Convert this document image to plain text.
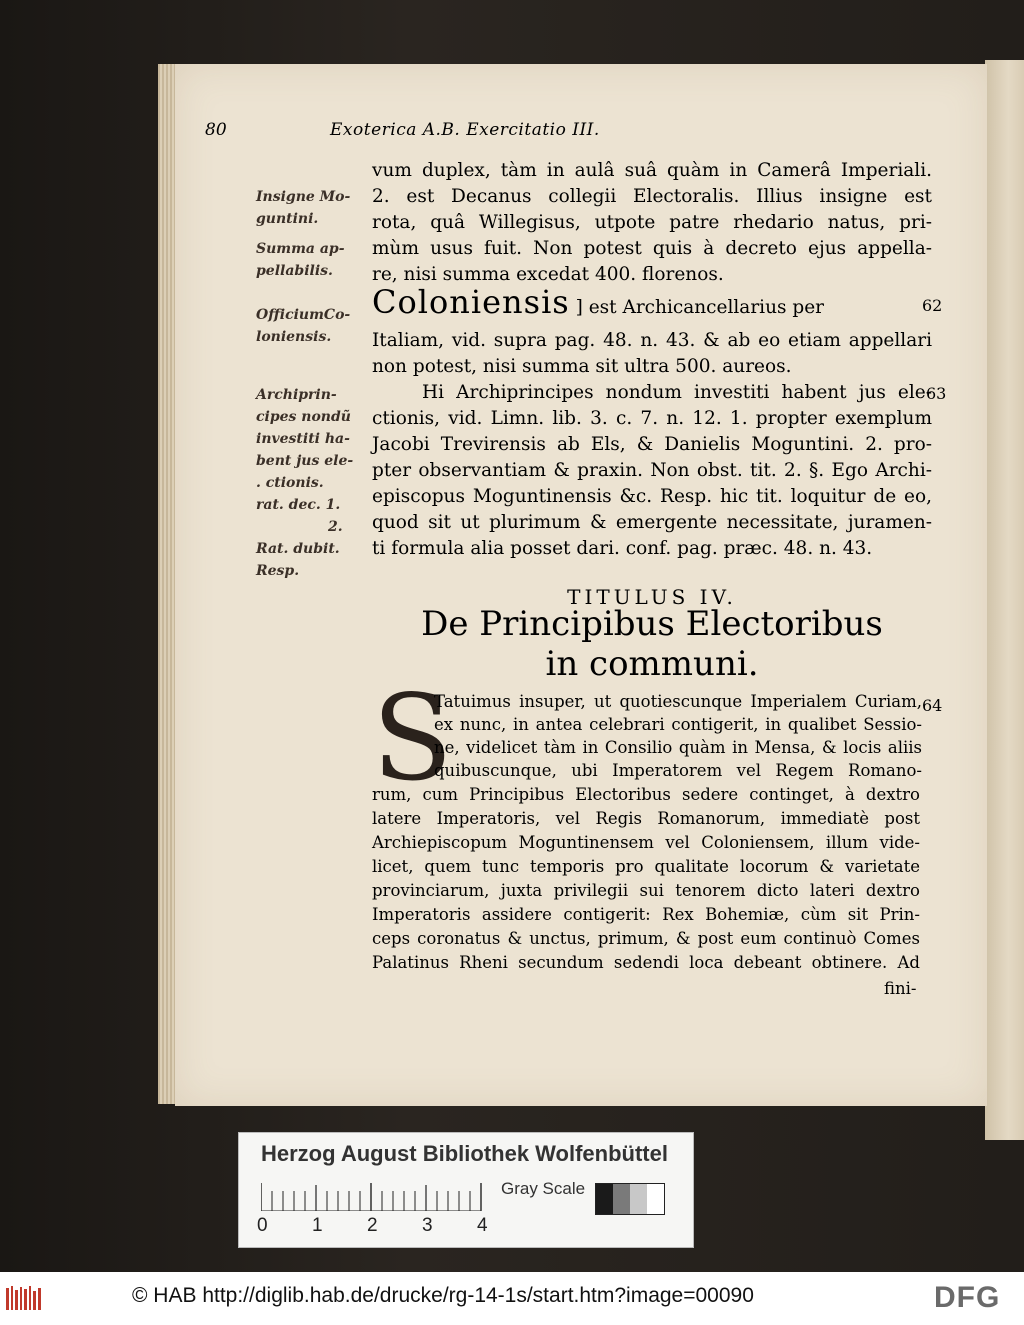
80	Exoterica A.B. Exercitatio III.
Insigne Mo-
guntini.
Summa ap-
pellabilis.
OfficiumCo-
loniensis.
Archiprin-
cipes nondũ
investiti ha-
bent jus ele-
. ctionis.
rat. dec. 1.
2.
Rat. dubit.
Resp.
vum duplex, tàm in aulâ suâ quàm in Camerâ Imperiali.
2. est Decanus collegii Electoralis. Illius insigne est
rota, quâ Willegisus, utpote patre rhedario natus, pri-
mùm usus fuit. Non potest quis à decreto ejus appella-
re, nisi summa excedat 400. florenos.
Coloniensis ] est Archicancellarius per	62
Italiam, vid. supra pag. 48. n. 43. & ab eo etiam appellari
non potest, nisi summa sit ultra 500. aureos.
Hi Archiprincipes nondum investiti habent jus ele-
ctionis, vid. Limn. lib. 3. c. 7. n. 12. 1. propter exemplum
Jacobi Trevirensis ab Els, & Danielis Moguntini. 2. pro-
pter observantiam & praxin. Non obst. tit. 2. §. Ego Archi-
episcopus Moguntinensis &c. Resp. hic tit. loquitur de eo,
quod sit ut plurimum & emergente necessitate, juramen-
ti formula alia posset dari. conf. pag. præc. 48. n. 43.
63
TITULUS IV.
De Principibus Electoribus
in communi.
S
Tatuimus insuper, ut quotiescunque Imperialem Curiam,
ex nunc, in antea celebrari contigerit, in qualibet Sessio-
ne, videlicet tàm in Consilio quàm in Mensa, & locis aliis
quibuscunque, ubi Imperatorem vel Regem Romano-
64
rum, cum Principibus Electoribus sedere continget, à dextro
latere Imperatoris, vel Regis Romanorum, immediatè post
Archiepiscopum Moguntinensem vel Coloniensem, illum vide-
licet, quem tunc temporis pro qualitate locorum & varietate
provinciarum, juxta privilegii sui tenorem dicto lateri dextro
Imperatoris assidere contigerit: Rex Bohemiæ, cùm sit Prin-
ceps coronatus & unctus, primum, & post eum continuò Comes
Palatinus Rheni secundum sedendi loca debeant obtinere. Ad
fini-
Herzog August Bibliothek Wolfenbüttel
0 1 2 3 4
Gray Scale
© HAB http://diglib.hab.de/drucke/rg-14-1s/start.htm?image=00090	DFG
